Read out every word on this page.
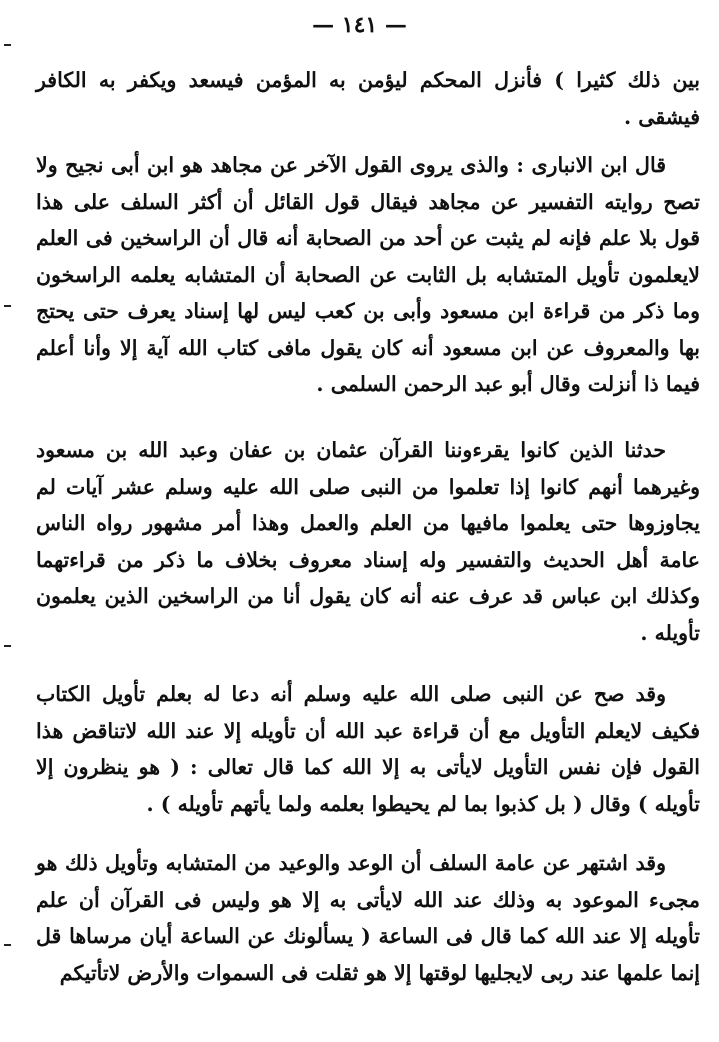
— ١٤١ —

بين ذلك كثيرا ) فأنزل المحكم ليؤمن به المؤمن فيسعد ويكفر به الكافر فيشقى .

قال ابن الانبارى : والذى يروى القول الآخر عن مجاهد هو ابن أبى نجيح ولا تصح روايته التفسير عن مجاهد فيقال قول القائل أن أكثر السلف على هذا قول بلا علم فإنه لم يثبت عن أحد من الصحابة أنه قال أن الراسخين فى العلم لايعلمون تأويل المتشابه بل الثابت عن الصحابة أن المتشابه يعلمه الراسخون وما ذكر من قراءة ابن مسعود وأبى بن كعب ليس لها إسناد يعرف حتى يحتج بها والمعروف عن ابن مسعود أنه كان يقول مافى كتاب الله آية إلا وأنا أعلم فيما ذا أنزلت وقال أبو عبد الرحمن السلمى .

حدثنا الذين كانوا يقرءوننا القرآن عثمان بن عفان وعبد الله بن مسعود وغيرهما أنهم كانوا إذا تعلموا من النبى صلى الله عليه وسلم عشر آيات لم يجاوزوها حتى يعلموا مافيها من العلم والعمل وهذا أمر مشهور رواه الناس عامة أهل الحديث والتفسير وله إسناد معروف بخلاف ما ذكر من قراءتهما وكذلك ابن عباس قد عرف عنه أنه كان يقول أنا من الراسخين الذين يعلمون تأويله .

وقد صح عن النبى صلى الله عليه وسلم أنه دعا له بعلم تأويل الكتاب فكيف لايعلم التأويل مع أن قراءة عبد الله أن تأويله إلا عند الله لاتناقض هذا القول فإن نفس التأويل لايأتى به إلا الله كما قال تعالى : ( هو ينظرون إلا تأويله ) وقال ( بل كذبوا بما لم يحيطوا بعلمه ولما يأتهم تأويله ) .

وقد اشتهر عن عامة السلف أن الوعد والوعيد من المتشابه وتأويل ذلك هو مجىء الموعود به وذلك عند الله لايأتى به إلا هو وليس فى القرآن أن علم تأويله إلا عند الله كما قال فى الساعة ( يسألونك عن الساعة أيان مرساها قل إنما علمها عند ربى لايجليها لوقتها إلا هو ثقلت فى السموات والأرض لاتأتيكم
